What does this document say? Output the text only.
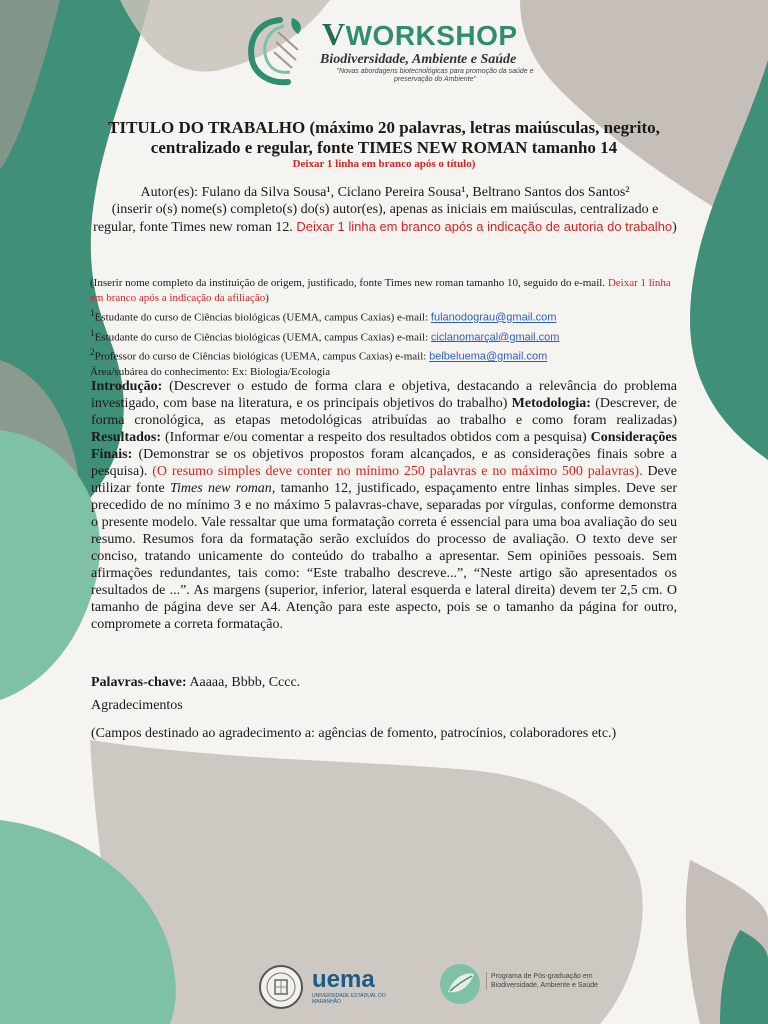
VWORKSHOP
Biodiversidade, Ambiente e Saúde
"Novas abordagens biotecnológicas para promoção da saúde e preservação do Ambiente"
TITULO DO TRABALHO (máximo 20 palavras, letras maiúsculas, negrito, centralizado e regular, fonte TIMES NEW ROMAN tamanho 14
Deixar 1 linha em branco após o título)
Autor(es): Fulano da Silva Sousa¹, Ciclano Pereira Sousa¹, Beltrano Santos dos Santos²
(inserir o(s) nome(s) completo(s) do(s) autor(es), apenas as iniciais em maiúsculas, centralizado e regular, fonte Times new roman 12. Deixar 1 linha em branco após a indicação de autoria do trabalho)
(Inserir nome completo da instituição de origem, justificado, fonte Times new roman tamanho 10, seguido do e-mail. Deixar 1 linha em branco após a indicação da afiliação)
$^1$Estudante do curso de Ciências biológicas (UEMA, campus Caxias) e-mail: fulanodograu@gmail.com
$^1$Estudante do curso de Ciências biológicas (UEMA, campus Caxias) e-mail: ciclanomarçal@gmail.com
$^2$Professor do curso de Ciências biológicas (UEMA, campus Caxias) e-mail: belbeluema@gmail.com
Área/subárea do conhecimento: Ex: Biologia/Ecologia
Introdução: (Descrever o estudo de forma clara e objetiva, destacando a relevância do problema investigado, com base na literatura, e os principais objetivos do trabalho) Metodologia: (Descrever, de forma cronológica, as etapas metodológicas atribuídas ao trabalho e como foram realizadas) Resultados: (Informar e/ou comentar a respeito dos resultados obtidos com a pesquisa) Considerações Finais: (Demonstrar se os objetivos propostos foram alcançados, e as considerações finais sobre a pesquisa). (O resumo simples deve conter no mínimo 250 palavras e no máximo 500 palavras). Deve utilizar fonte Times new roman, tamanho 12, justificado, espaçamento entre linhas simples. Deve ser precedido de no mínimo 3 e no máximo 5 palavras-chave, separadas por vírgulas, conforme demonstra o presente modelo. Vale ressaltar que uma formatação correta é essencial para uma boa avaliação do seu resumo. Resumos fora da formatação serão excluídos do processo de avaliação. O texto deve ser conciso, tratando unicamente do conteúdo do trabalho a apresentar. Sem opiniões pessoais. Sem afirmações redundantes, tais como: “Este trabalho descreve...”, “Neste artigo são apresentados os resultados de ...”. As margens (superior, inferior, lateral esquerda e lateral direita) devem ter 2,5 cm. O tamanho de página deve ser A4. Atenção para este aspecto, pois se o tamanho da página for outro, compromete a correta formatação.
Palavras-chave: Aaaaa, Bbbb, Cccc.
Agradecimentos
(Campos destinado ao agradecimento a: agências de fomento, patrocínios, colaboradores etc.)
uema
UNIVERSIDADE ESTADUAL DO MARANHÃO
Programa de Pós-graduação em Biodiversidade, Ambiente e Saúde
